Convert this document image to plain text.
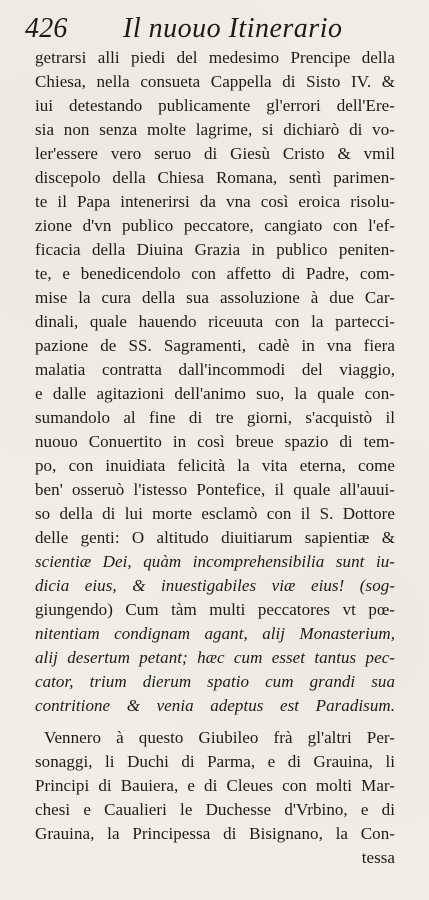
426 Il nuouo Itinerario
getrarsi alli piedi del medesimo Prencipe della
Chiesa, nella consueta Cappella di Sisto IV. &
iui detestando publicamente gl'errori dell'Ere-
sia non senza molte lagrime, si dichiarò di vo-
ler'essere vero seruo di Giesù Cristo & vmil
discepolo della Chiesa Romana, sentì parimen-
te il Papa intenerirsi da vna così eroica risolu-
zione d'vn publico peccatore, cangiato con l'ef-
ficacia della Diuina Grazia in publico peniten-
te, e benedicendolo con affetto di Padre, com-
mise la cura della sua assoluzione à due Car-
dinali, quale hauendo riceuuta con la partecci-
pazione de SS. Sagramenti, cadè in vna fiera
malatia contratta dall'incommodi del viaggio,
e dalle agitazioni dell'animo suo, la quale con-
sumandolo al fine di tre giorni, s'acquistò il
nuouo Conuertito in così breue spazio di tem-
po, con inuidiata felicità la vita eterna, come
ben' osseruò l'istesso Pontefice, il quale all'auui-
so della di lui morte esclamò con il S. Dottore
delle genti: O altitudo diuitiarum sapientiæ &
scientiæ Dei, quàm incomprehensibilia sunt iu-
dicia eius, & inuestigabiles viæ eius! (sog-
giungendo) Cum tàm multi peccatores vt pœ-
nitentiam condignam agant, alij Monasterium,
alij desertum petant; hæc cum esset tantus pec-
cator, trium dierum spatio cum grandi sua
contritione & venia adeptus est Paradisum.
Vennero à questo Giubileo frà gl'altri Per-
sonaggi, li Duchi di Parma, e di Grauina, li
Principi di Bauiera, e di Cleues con molti Mar-
chesi e Caualieri le Duchesse d'Vrbino, e di
Grauina, la Principessa di Bisignano, la Con-
tessa
